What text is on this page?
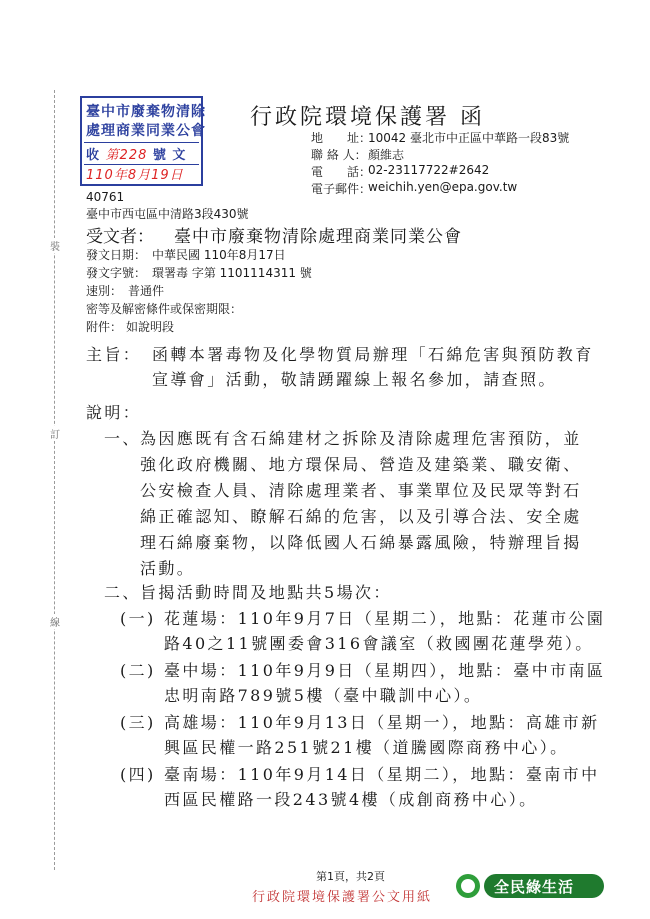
裝
訂
線
臺中市廢棄物清除
處理商業同業公會
收 第228 號 文
110年8月19日
行政院環境保護署 函
地　　址：
10042 臺北市中正區中華路一段83號
聯 絡 人： 顏維志
電　　話：
02-23117722#2642
電子郵件：
weichih.yen@epa.gov.tw
40761
臺中市西屯區中清路3段430號
受文者： 臺中市廢棄物清除處理商業同業公會
發文日期： 中華民國 110年8月17日
發文字號： 環署毒 字第 1101114311 號
速別： 普通件
密等及解密條件或保密期限：
附件： 如說明段
主旨： 函轉本署毒物及化學物質局辦理「石綿危害與預防教育
宣導會」活動，敬請踴躍線上報名參加，請查照。
說明：
一、 為因應既有含石綿建材之拆除及清除處理危害預防，並
強化政府機關、地方環保局、營造及建築業、職安衛、
公安檢查人員、清除處理業者、事業單位及民眾等對石
綿正確認知、瞭解石綿的危害，以及引導合法、安全處
理石綿廢棄物，以降低國人石綿暴露風險，特辦理旨揭
活動。
二、 旨揭活動時間及地點共5場次：
(一) 花蓮場：110年9月7日（星期二），地點：花蓮市公園
路40之11號團委會316會議室（救國團花蓮學苑）。
(二) 臺中場：110年9月9日（星期四），地點：臺中市南區
忠明南路789號5樓（臺中職訓中心）。
(三) 高雄場：110年9月13日（星期一），地點：高雄市新
興區民權一路251號21樓（道騰國際商務中心）。
(四) 臺南場：110年9月14日（星期二），地點：臺南市中
西區民權路一段243號4樓（成創商務中心）。
第1頁，共2頁
行政院環境保護署公文用紙
全民綠生活
